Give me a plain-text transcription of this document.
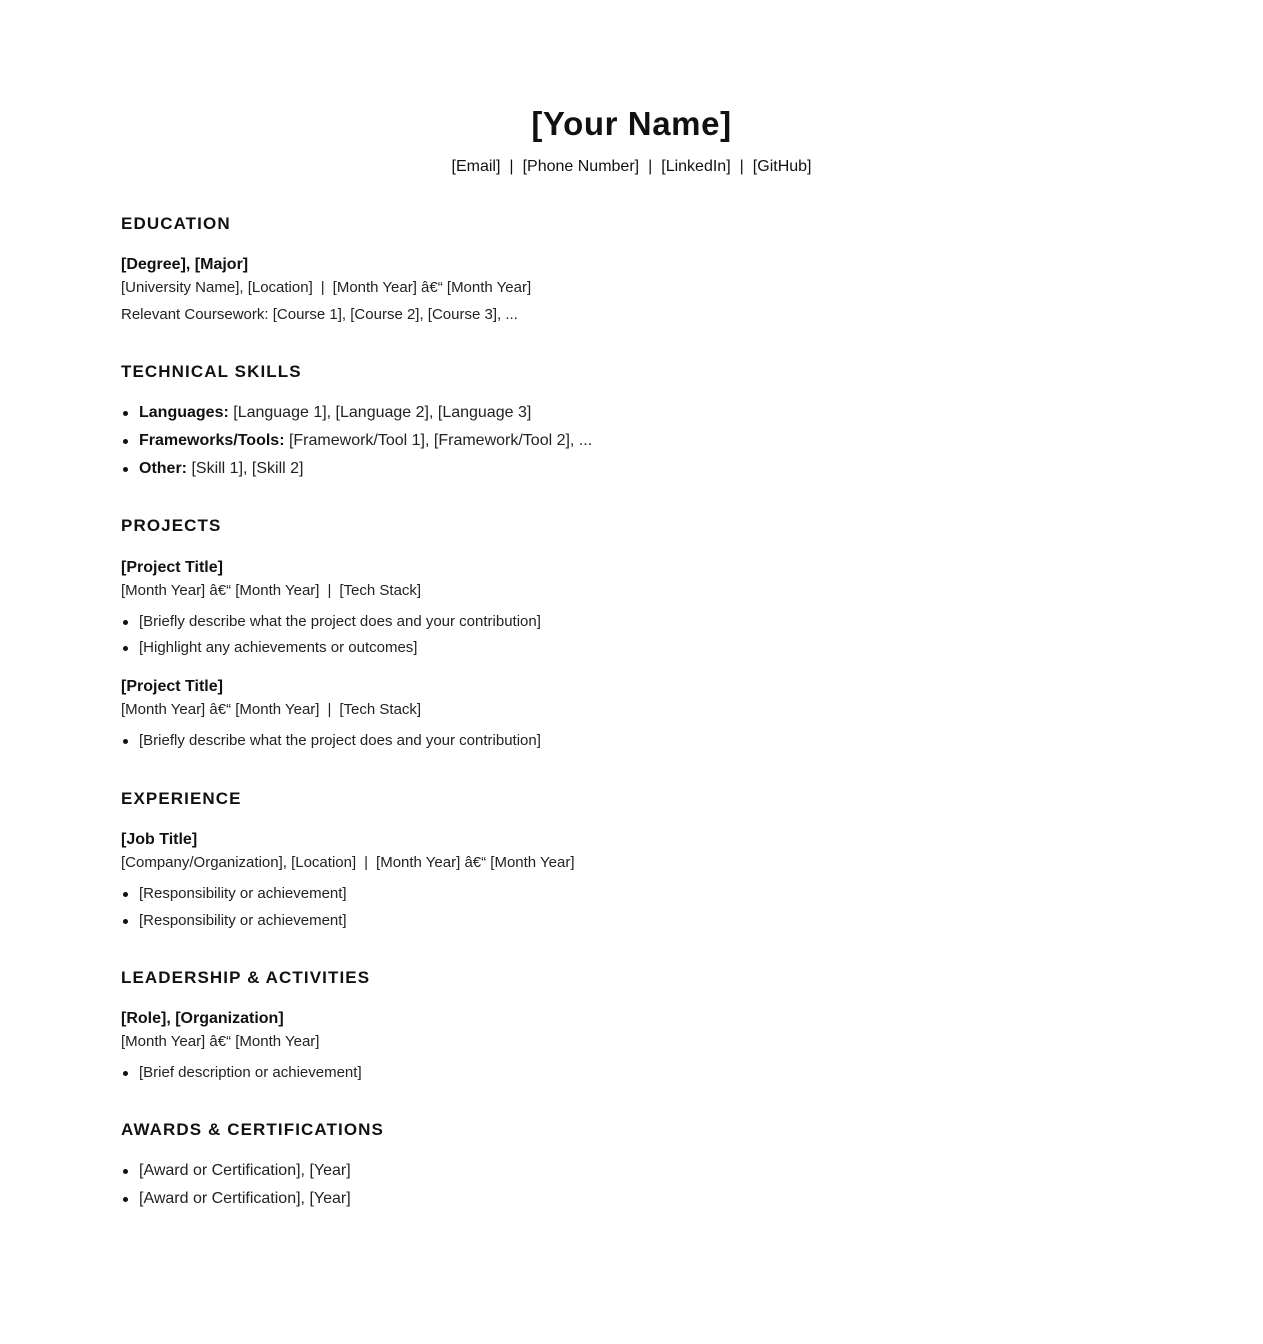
[Your Name]
[Email] | [Phone Number] | [LinkedIn] | [GitHub]
EDUCATION
[Degree], [Major]
[University Name], [Location] | [Month Year] â€“ [Month Year]
Relevant Coursework: [Course 1], [Course 2], [Course 3], ...
TECHNICAL SKILLS
Languages: [Language 1], [Language 2], [Language 3]
Frameworks/Tools: [Framework/Tool 1], [Framework/Tool 2], ...
Other: [Skill 1], [Skill 2]
PROJECTS
[Project Title]
[Month Year] â€“ [Month Year] | [Tech Stack]
[Briefly describe what the project does and your contribution]
[Highlight any achievements or outcomes]
[Project Title]
[Month Year] â€“ [Month Year] | [Tech Stack]
[Briefly describe what the project does and your contribution]
EXPERIENCE
[Job Title]
[Company/Organization], [Location] | [Month Year] â€“ [Month Year]
[Responsibility or achievement]
[Responsibility or achievement]
LEADERSHIP & ACTIVITIES
[Role], [Organization]
[Month Year] â€“ [Month Year]
[Brief description or achievement]
AWARDS & CERTIFICATIONS
[Award or Certification], [Year]
[Award or Certification], [Year]
